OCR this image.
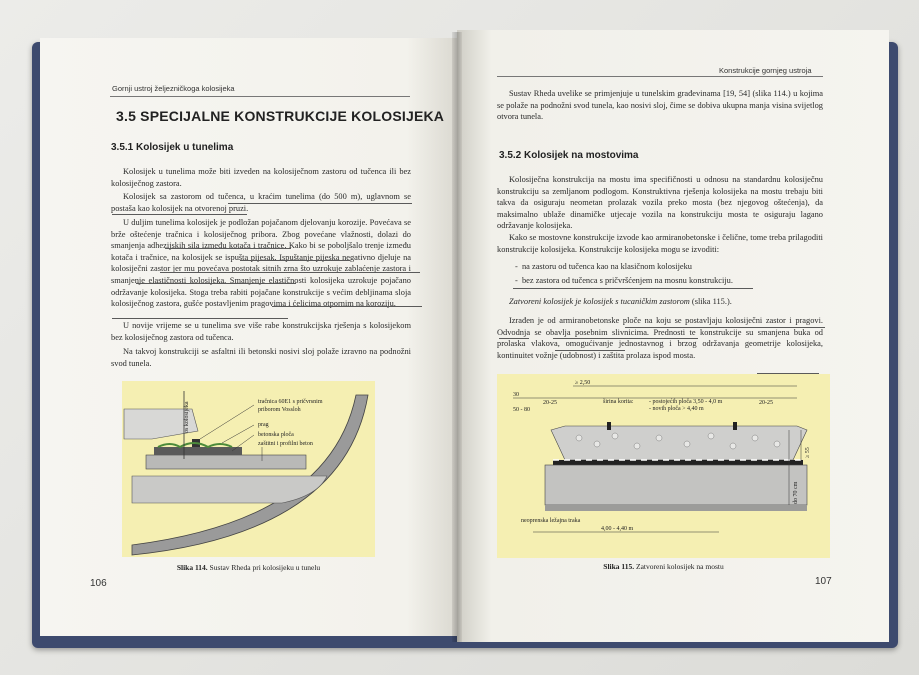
Gornji ustroj željezničkoga kolosijeka
3.5 SPECIJALNE KONSTRUKCIJE KOLOSIJEKA
3.5.1 Kolosijek u tunelima
Kolosijek u tunelima može biti izveden na kolosiječnom zastoru od tučenca ili bez kolosiječnog zastora.
Kolosijek sa zastorom od tučenca, u kraćim tunelima (do 500 m), uglavnom se postaša kao kolosijek na otvorenoj pruzi.
U duljim tunelima kolosijek je podložan pojačanom djelovanju korozije. Povećava se brže oštećenje tračnica i kolosiječnog pribora. Zbog povećane vlažnosti, dolazi do smanjenja adhezijskih sila između kotača i tračnice. Kako bi se poboljšalo trenje između kotača i tračnice, na kolosijek se ispušta pijesak. Ispuštanje pijeska negativno djeluje na kolosiječni zastor jer mu povećava postotak sitnih zrna što uzrokuje zablaćenje zastora i smanjenje elastičnosti kolosijeka. Smanjenje elastičnosti kolosijeka uzrokuje pojačano održavanje kolosijeka. Stoga treba rabiti pojačane konstrukcije s većim debljinama sloja kolosiječnog zastora, gušće postavljenim pragovima i ćelicima otpornim na koroziju.
U novije vrijeme se u tunelima sve više rabe konstrukcijska rješenja s kolosijekom bez kolosiječnog zastora od tučenca.
Na takvoj konstrukciji se asfaltni ili betonski nosivi sloj polaže izravno na podnožni svod tunela.
os kolosijeka	tračnica 60E1 s pričvrsnim
priborom Vossloh
prag
betonska ploča
zaštitni i profilni beton
Slika 114. Sustav Rheda pri kolosijeku u tunelu
106
Konstrukcije gornjeg ustroja
Sustav Rheda uvelike se primjenjuje u tunelskim građevinama [19, 54] (slika 114.) u kojima se polaže na podnožni svod tunela, kao nosivi sloj, čime se dobiva ukupna manja visina svijetlog otvora tunela.
3.5.2 Kolosijek na mostovima
Kolosiječna konstrukcija na mostu ima specifičnosti u odnosu na standardnu kolosiječnu konstrukciju sa zemljanom podlogom. Konstruktivna rješenja kolosijeka na mostu trebaju biti takva da osiguraju neometan prolazak vozila preko mosta (bez njegovog oštećenja), da maksimalno ublaže dinamičke utjecaje vozila na konstrukciju mosta te osiguraju lagano održavanje kolosijeka.
Kako se mostovne konstrukcije izvode kao armiranobetonske i čelične, tome treba prilagoditi konstrukcije kolosijeka. Konstrukcije kolosijeka mogu se izvoditi:
-  na zastoru od tučenca kao na klasičnom kolosijeku
-  bez zastora od tučenca s pričvršćenjem na mosnu konstrukciju.
Zatvoreni kolosijek je kolosijek s tucaničkim zastorom (slika 115.).
Izrađen je od armiranobetonske ploče na koju se postavljaju kolosiječni zastor i pragovi. Odvodnja se obavlja posebnim slivnicima. Prednosti te konstrukcije su smanjena buka od prolaska vlakova, omogućivanje jednostavnog i brzog održavanja geometrije kolosijeka, kontinuitet vožnje (udobnost) i zaštita prolaza ispod mosta.
≥ 2,50
30
50 - 80
20-25	širina korita:	- postojećih ploča 3,50 - 4,0 m
- novih ploča > 4,40 m
20-25
do 70 cm
≥ 55
neoprenska ležajna traka
4,00 - 4,40 m
Slika 115. Zatvoreni kolosijek na mostu
107
